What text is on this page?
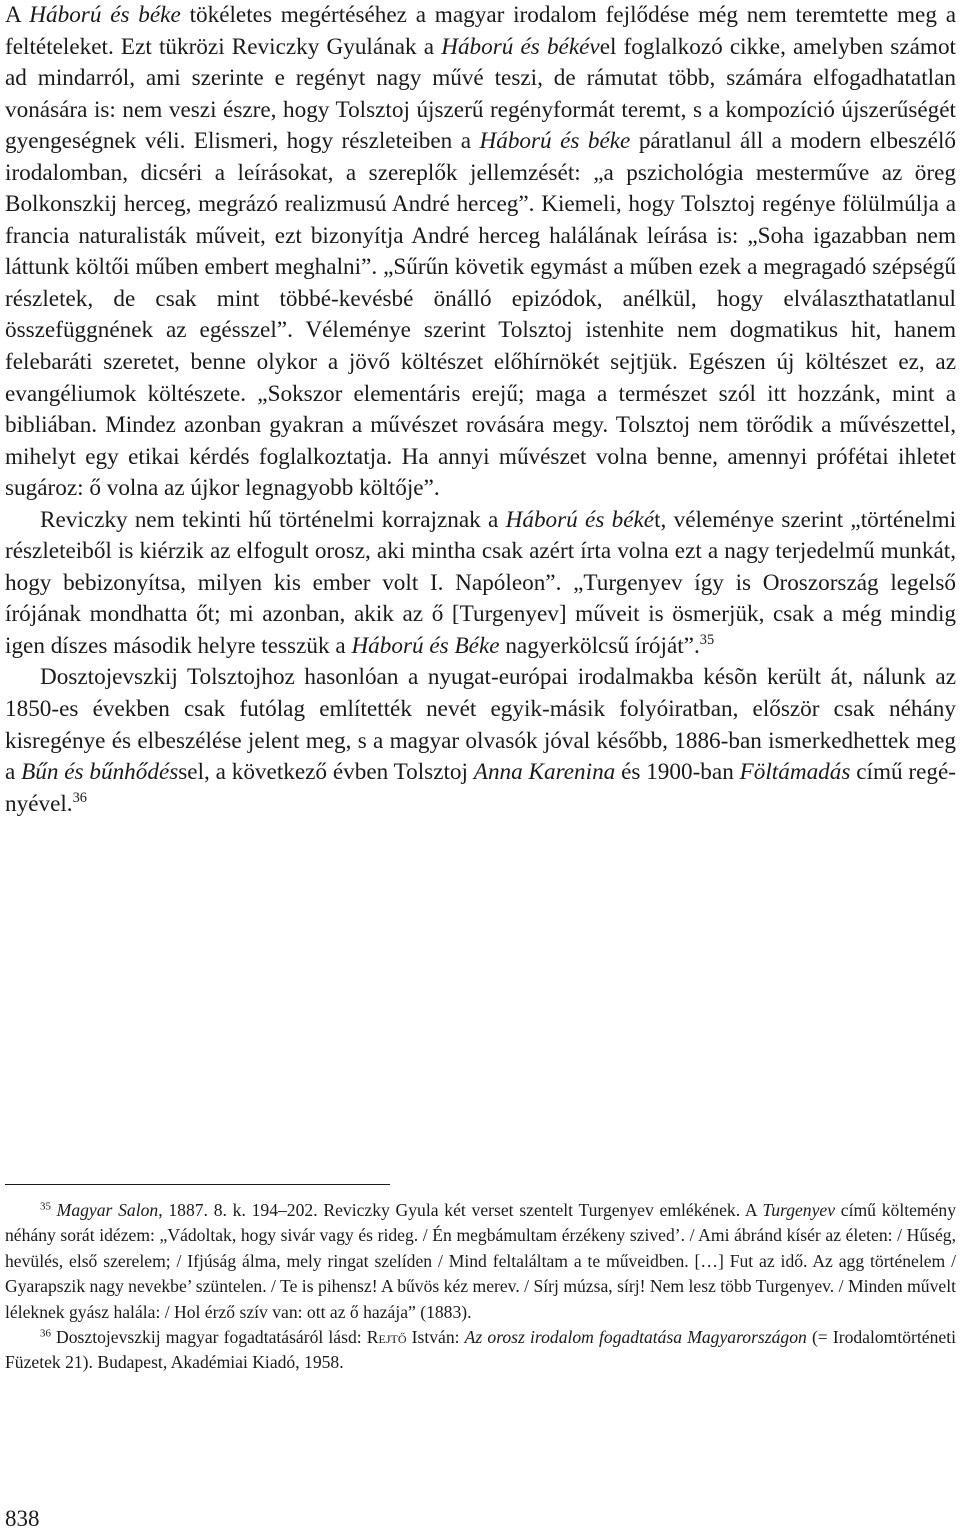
A Háború és béke tökéletes megértéséhez a magyar irodalom fejlődése még nem teremtette meg a feltételeket. Ezt tükrözi Reviczky Gyulának a Háború és békével foglalkozó cikke, amelyben számot ad mindarról, ami szerinte e regényt nagy művé teszi, de rámutat több, számára elfogadhatatlan vonására is: nem veszi észre, hogy Tolsztoj újszerű regényformát teremt, s a kompozíció újszerűségét gyengeségnek véli. Elismeri, hogy részleteiben a Háború és béke páratlanul áll a modern elbeszélő irodalomban, dicséri a leírásokat, a szereplők jellemzését: „a pszichológia mesterműve az öreg Bolkonszkij herceg, megrázó realizmusú André herceg”. Kiemeli, hogy Tolsztoj regénye fölülmúlja a francia naturalisták műveit, ezt bizonyítja André herceg halálának leírása is: „Soha igazabban nem láttunk költői műben embert meghalni”. „Sűrűn követik egymást a műben ezek a megragadó szépségű részletek, de csak mint többé-kevésbé önálló epizódok, anélkül, hogy elválaszthatatlanul összefüggnének az egésszel”. Véleménye szerint Tolsztoj istenhite nem dogmatikus hit, hanem felebaráti szeretet, benne olykor a jövő költészet előhírnökét sejtjük. Egészen új költészet ez, az evangéliumok költészete. „Sokszor elementáris erejű; maga a természet szól itt hozzánk, mint a bibliában. Mindez azonban gyakran a művészet rovására megy. Tolsztoj nem törődik a művészettel, mihelyt egy etikai kérdés foglalkoztatja. Ha annyi művészet volna benne, amennyi prófétai ihletet sugároz: ő volna az újkor legnagyobb költője”.

Reviczky nem tekinti hű történelmi korrajznak a Háború és békét, véleménye szerint „történelmi részleteiből is kiérzik az elfogult orosz, aki mintha csak azért írta volna ezt a nagy terjedelmű munkát, hogy bebizonyítsa, milyen kis ember volt I. Napóleon”. „Turgenyev így is Oroszország legelső írójának mondhatta őt; mi azonban, akik az ő [Turgenyev] műveit is ösmerjük, csak a még mindig igen díszes második helyre tesszük a Háború és Béke nagyerkölcsű íróját”.$^{35}$

Dosztojevszkij Tolsztojhoz hasonlóan a nyugat-európai irodalmakba késõn került át, nálunk az 1850-es években csak futólag említették nevét egyik-másik folyóiratban, először csak néhány kisregénye és elbeszélése jelent meg, s a magyar olvasók jóval később, 1886-ban ismerkedhettek meg a Bűn és bűnhődéssel, a következő évben Tolsztoj Anna Karenina és 1900-ban Föltámadás című regényével.$^{36}$

$^{35}$ Magyar Salon, 1887. 8. k. 194–202. Reviczky Gyula két verset szentelt Turgenyev emlékének. A Turgenyev című költemény néhány sorát idézem: „Vádoltak, hogy sivár vagy és rideg. / Én megbámultam érzékeny szived’. / Ami ábránd kísér az életen: / Hűség, hevülés, első szerelem; / Ifjúság álma, mely ringat szelíden / Mind feltaláltam a te műveidben. […] Fut az idő. Az agg történelem / Gyarapszik nagy nevekbe’ szüntelen. / Te is pihensz! A bűvös kéz merev. / Sírj múzsa, sírj! Nem lesz több Turgenyev. / Minden művelt léleknek gyász halála: / Hol érző szív van: ott az ő hazája” (1883).

$^{36}$ Dosztojevszkij magyar fogadtatásáról lásd: Rejtő István: Az orosz irodalom fogadtatása Magyarországon (= Irodalomtörténeti Füzetek 21). Budapest, Akadémiai Kiadó, 1958.

838
